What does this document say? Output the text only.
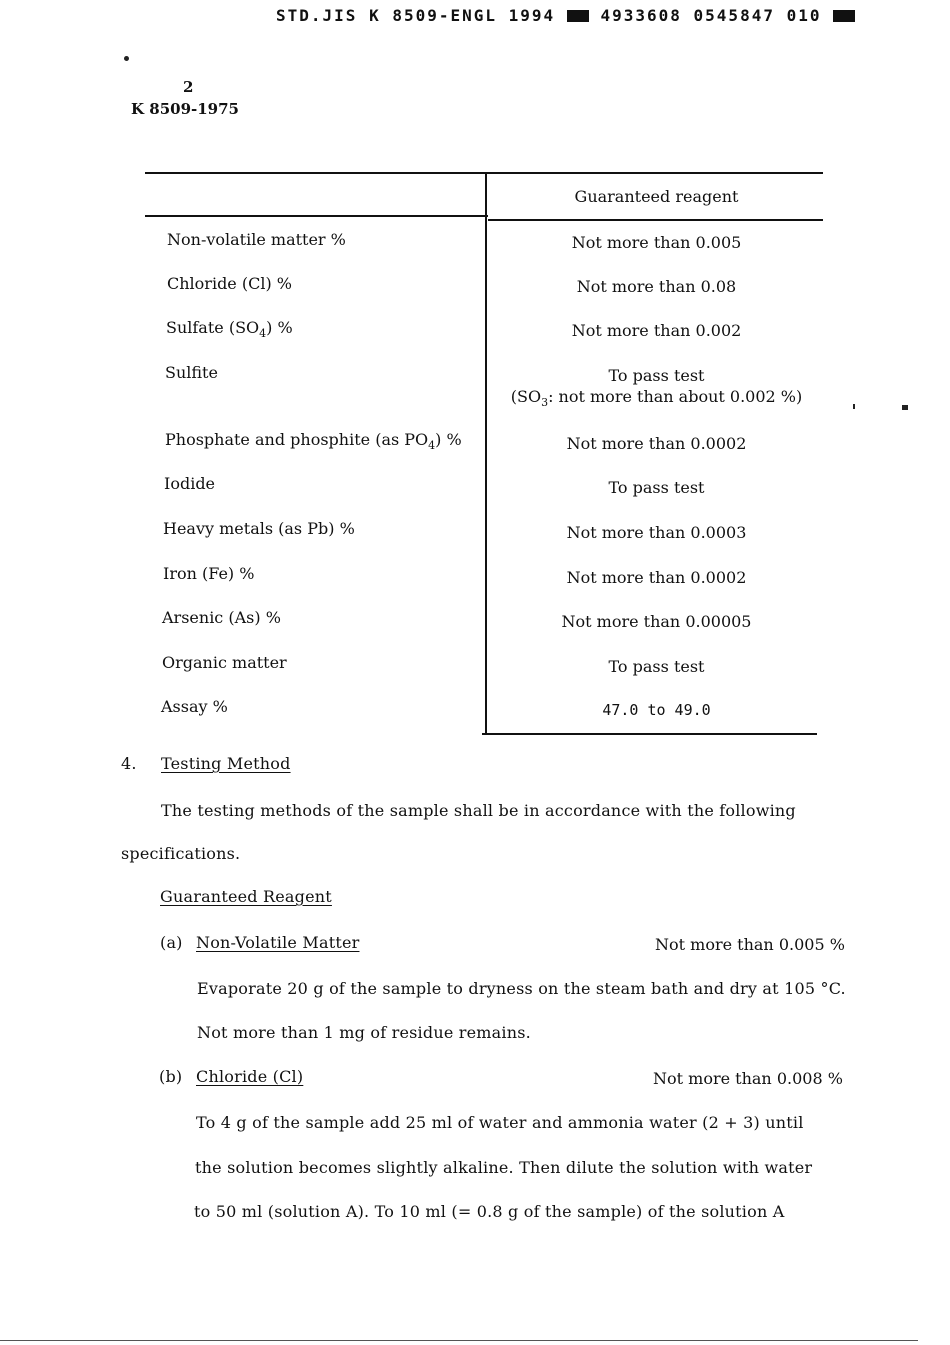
STD.JIS K 8509-ENGL 1994	4933608 0545847 010
2
K 8509-1975
Guaranteed reagent
Non-volatile matter %	Not more than 0.005
Chloride (Cl) %	Not more than 0.08
Sulfate $(SO_4)$ %	Not more than 0.002
Sulfite	To pass test
($SO_3$: not more than about 0.002 %)
Phosphate and phosphite (as $PO_4$) %	Not more than 0.0002
Iodide	To pass test
Heavy metals (as Pb) %	Not more than 0.0003
Iron (Fe) %	Not more than 0.0002
Arsenic (As) %	Not more than 0.00005
Organic matter	To pass test
Assay %	47.0 to 49.0
4. Testing Method
The testing methods of the sample shall be in accordance with the following
specifications.
Guaranteed Reagent
(a) Non-Volatile Matter	Not more than 0.005 %
Evaporate 20 g of the sample to dryness on the steam bath and dry at 105 °C.
Not more than 1 mg of residue remains.
(b) Chloride (Cl)	Not more than 0.008 %
To 4 g of the sample add 25 ml of water and ammonia water (2 + 3) until
the solution becomes slightly alkaline. Then dilute the solution with water
to 50 ml (solution A). To 10 ml (= 0.8 g of the sample) of the solution A
